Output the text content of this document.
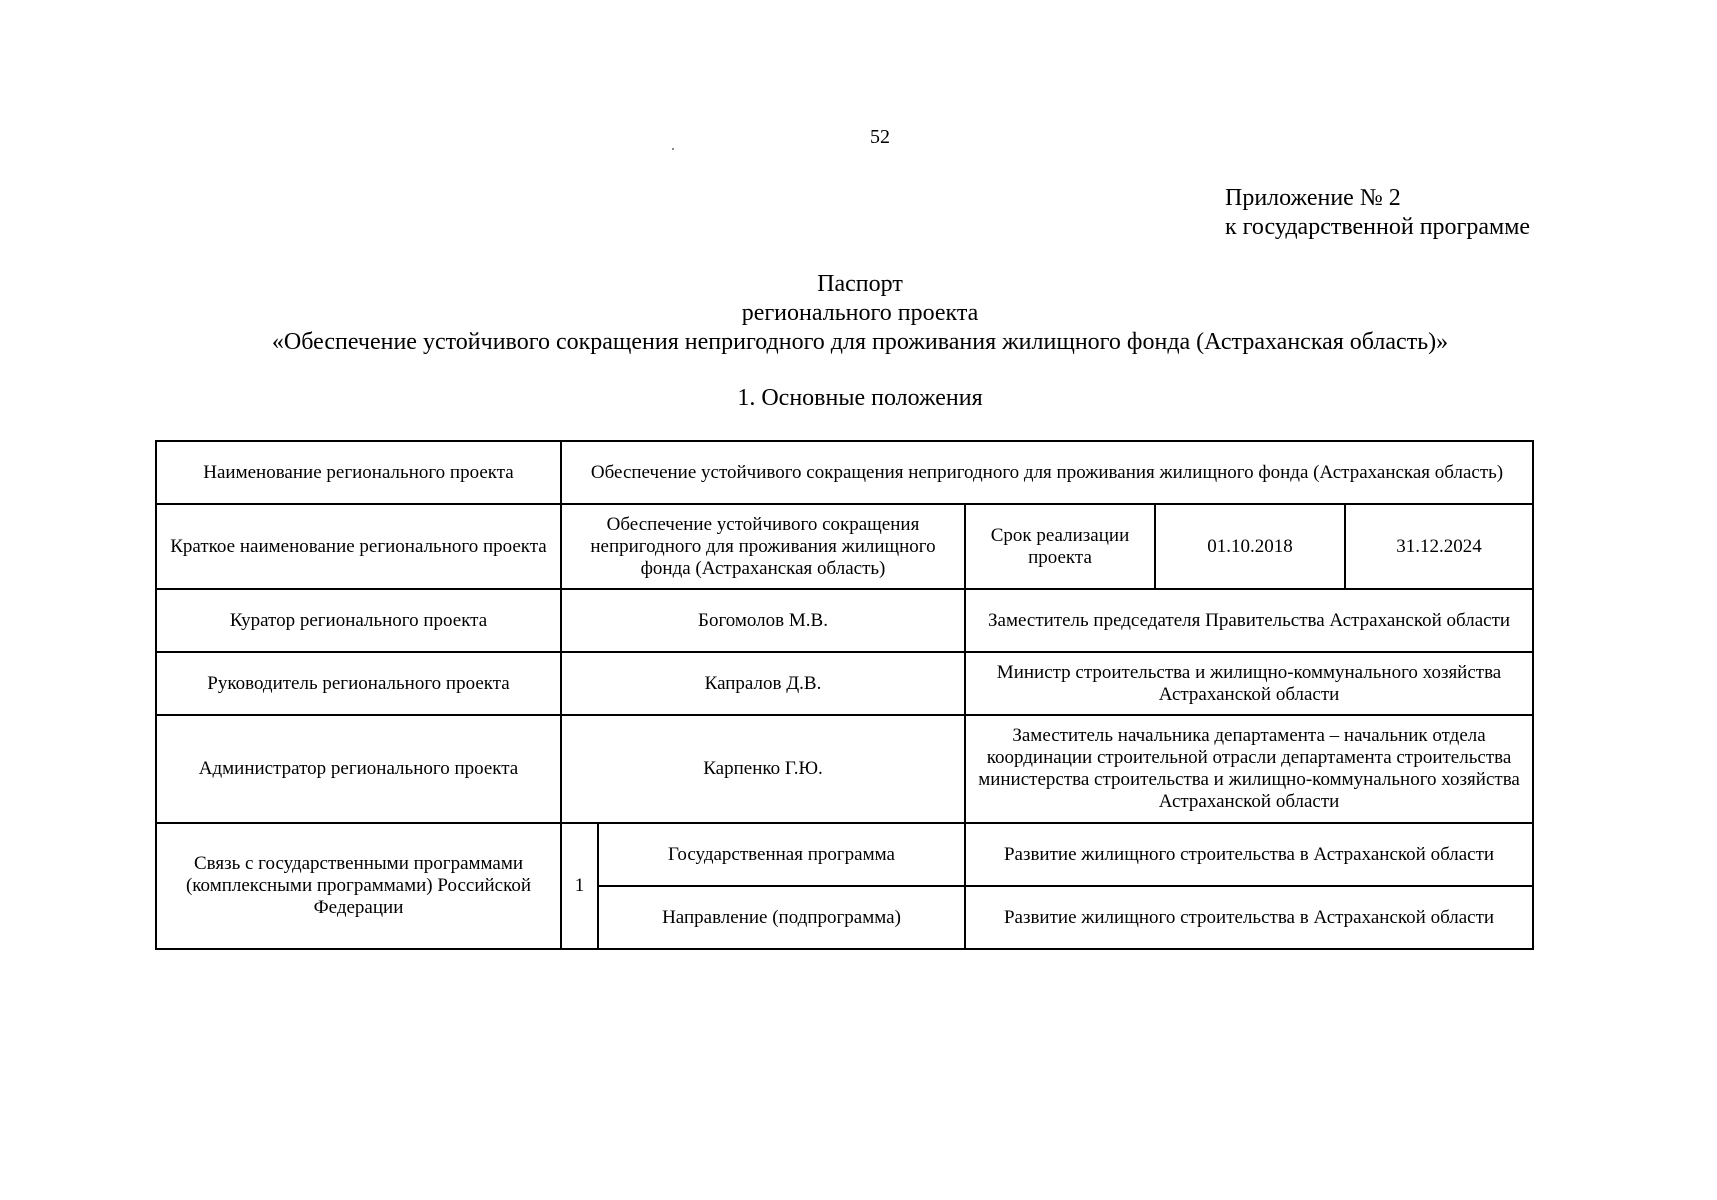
52
Приложение № 2
к государственной программе
Паспорт
регионального проекта
«Обеспечение устойчивого сокращения непригодного для проживания жилищного фонда (Астраханская область)»
1. Основные положения
Наименование регионального проекта	Обеспечение устойчивого сокращения непригодного для проживания жилищного фонда (Астраханская область)				
Краткое наименование регионального проекта	Обеспечение устойчивого сокращения непригодного для проживания жилищного фонда (Астраханская область)		Срок реализации проекта	01.10.2018	31.12.2024
Куратор регионального проекта	Богомолов М.В.		Заместитель председателя Правительства Астраханской области		
Руководитель регионального проекта	Капралов Д.В.		Министр строительства и жилищно-коммунального хозяйства Астраханской области		
Администратор регионального проекта	Карпенко Г.Ю.		Заместитель начальника департамента – начальник отдела координации строительной отрасли департамента строительства министерства строительства и жилищно-коммунального хозяйства Астраханской области		
Связь с государственными программами (комплексными программами) Российской Федерации	1	Государственная программа	Развитие жилищного строительства в Астраханской области		
		Направление (подпрограмма)	Развитие жилищного строительства в Астраханской области		
